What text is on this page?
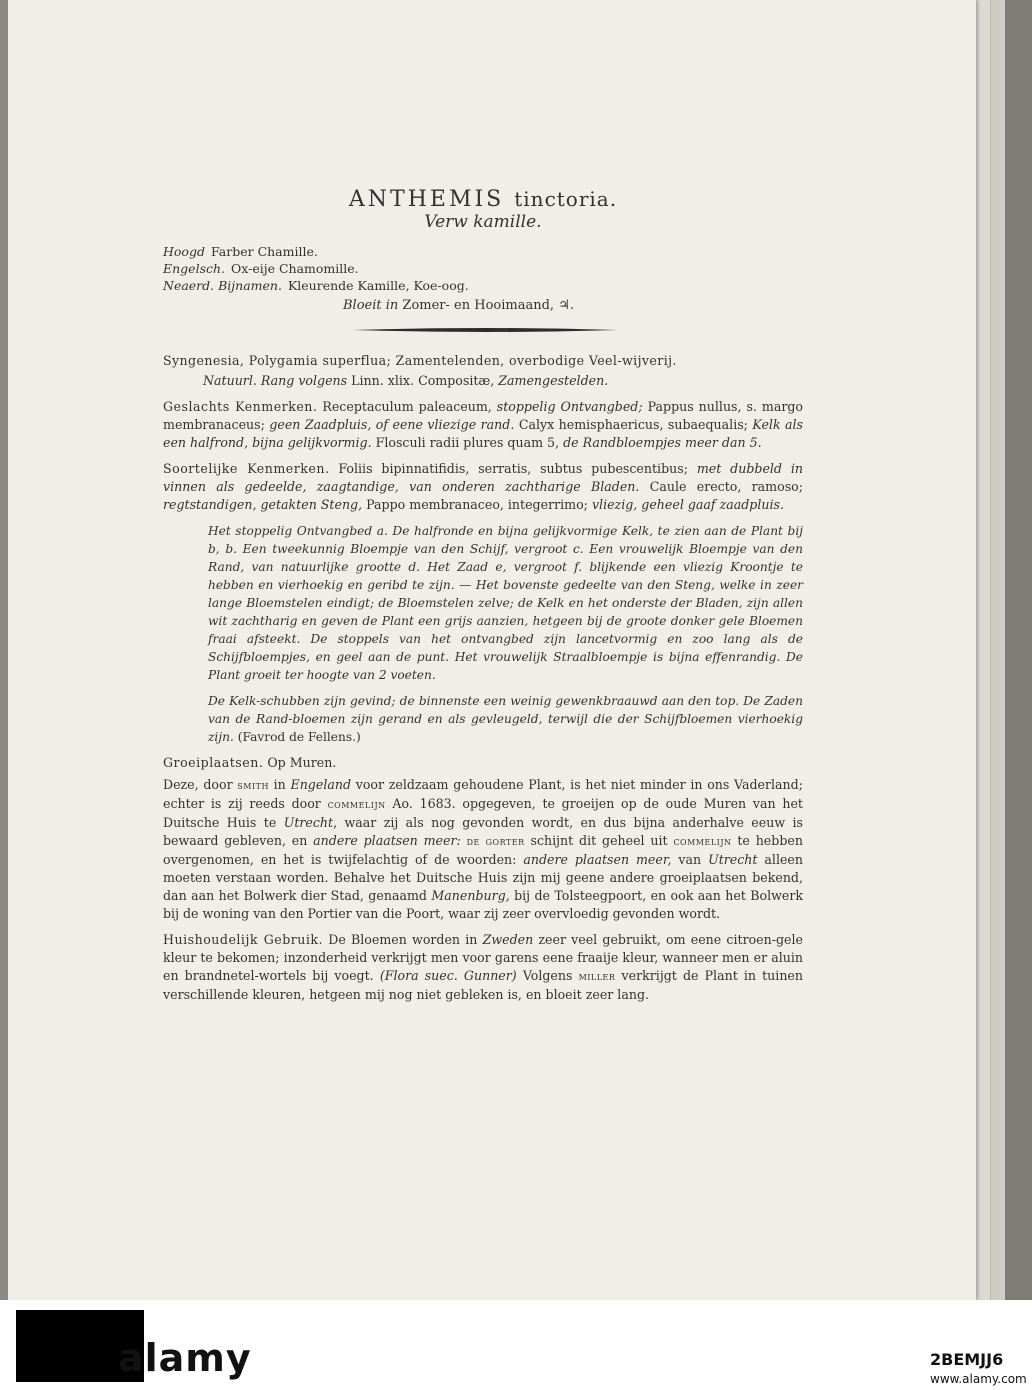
ANTHEMIS tinctoria.
Verw kamille.
Hoogd Farber Chamille.
Engelsch. Ox-eije Chamomille.
Neaerd. Bijnamen. Kleurende Kamille, Koe-oog.
Bloeit in Zomer- en Hooimaand, ♃.
Syngenesia, Polygamia superflua; Zamentelenden, overbodige Veel-wijverij.
Natuurl. Rang volgens Linn. xlix. Compositæ, Zamengestelden.

Geslachts Kenmerken. Receptaculum paleaceum, stoppelig Ontvangbed; Pappus nullus, s. margo membranaceus; geen Zaadpluis, of eene vliezige rand. Calyx hemisphaericus, subaequalis; Kelk als een halfrond, bijna gelijkvormig. Flosculi radii plures quam 5, de Randbloempjes meer dan 5.

Soortelijke Kenmerken. Foliis bipinnatifidis, serratis, subtus pubescentibus; met dubbeld in vinnen als gedeelde, zaagtandige, van onderen zachtharige Bladen. Caule erecto, ramoso; regtstandigen, getakten Steng, Pappo membranaceo, integerrimo; vliezig, geheel gaaf zaadpluis.

Het stoppelig Ontvangbed a. De halfronde en bijna gelijkvormige Kelk, te zien aan de Plant bij b, b. Een tweekunnig Bloempje van den Schijf, vergroot c. Een vrouwelijk Bloempje van den Rand, van natuurlijke grootte d. Het Zaad e, vergroot f. blijkende een vliezig Kroontje te hebben en vierhoekig en geribd te zijn. — Het bovenste gedeelte van den Steng, welke in zeer lange Bloemstelen eindigt; de Bloemstelen zelve; de Kelk en het onderste der Bladen, zijn allen wit zachtharig en geven de Plant een grijs aanzien, hetgeen bij de groote donker gele Bloemen fraai afsteekt. De stoppels van het ontvangbed zijn lancetvormig en zoo lang als de Schijfbloempjes, en geel aan de punt. Het vrouwelijk Straalbloempje is bijna effenrandig. De Plant groeit ter hoogte van 2 voeten.

De Kelk-schubben zijn gevind; de binnenste een weinig gewenkbraauwd aan den top. De Zaden van de Rand-bloemen zijn gerand en als gevleugeld, terwijl die der Schijfbloemen vierhoekig zijn. (Favrod de Fellens.)

Groeiplaatsen. Op Muren.

Deze, door smith in Engeland voor zeldzaam gehoudene Plant, is het niet minder in ons Vaderland; echter is zij reeds door commelijn Ao. 1683. opgegeven, te groeijen op de oude Muren van het Duitsche Huis te Utrecht, waar zij als nog gevonden wordt, en dus bijna anderhalve eeuw is bewaard gebleven, en andere plaatsen meer: de gorter schijnt dit geheel uit commelijn te hebben overgenomen, en het is twijfelachtig of de woorden: andere plaatsen meer, van Utrecht alleen moeten verstaan worden. Behalve het Duitsche Huis zijn mij geene andere groeiplaatsen bekend, dan aan het Bolwerk dier Stad, genaamd Manenburg, bij de Tolsteegpoort, en ook aan het Bolwerk bij de woning van den Portier van die Poort, waar zij zeer overvloedig gevonden wordt.

Huishoudelijk Gebruik. De Bloemen worden in Zweden zeer veel gebruikt, om eene citroen-gele kleur te bekomen; inzonderheid verkrijgt men voor garens eene fraaije kleur, wanneer men er aluin en brandnetel-wortels bij voegt. (Flora suec. Gunner) Volgens miller verkrijgt de Plant in tuinen verschillende kleuren, hetgeen mij nog niet gebleken is, en bloeit zeer lang.

alamy	2BEMJJ6
www.alamy.com
